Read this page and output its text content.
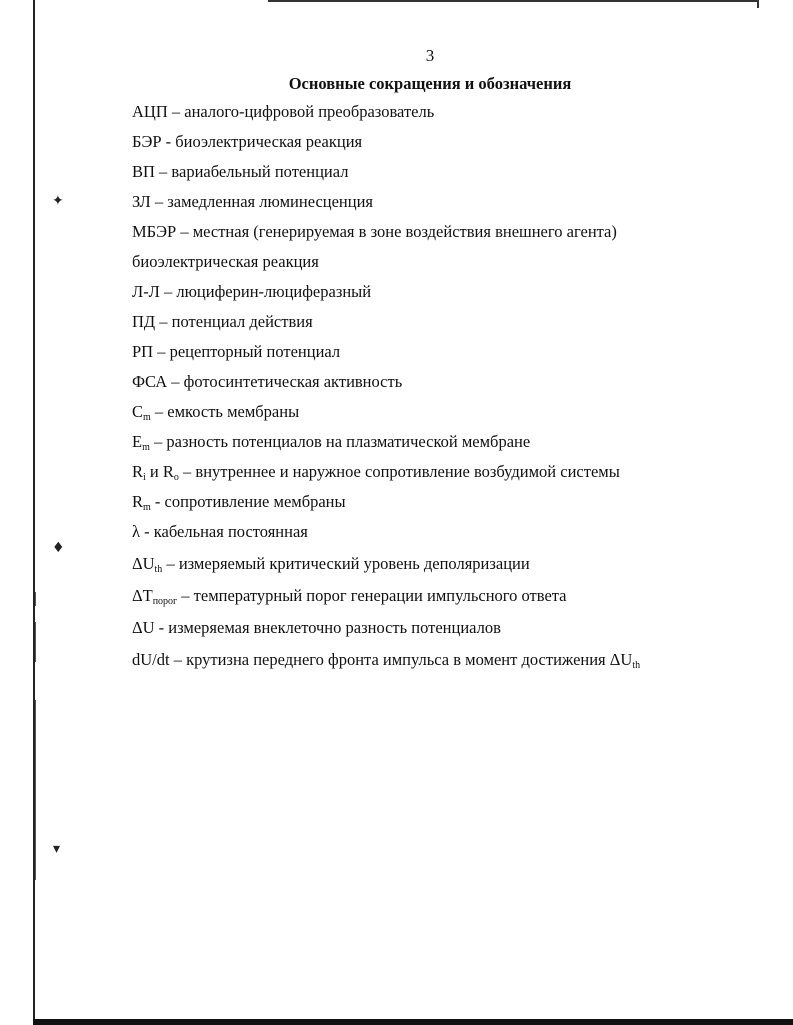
✦
♦
▾
3
Основные сокращения и обозначения
АЦП – аналого-цифровой преобразователь
БЭР - биоэлектрическая реакция
ВП – вариабельный потенциал
ЗЛ – замедленная люминесценция
МБЭР – местная (генерируемая в зоне воздействия внешнего агента) биоэлектрическая реакция
Л-Л – люциферин-люциферазный
ПД – потенциал действия
РП – рецепторный потенциал
ФСА – фотосинтетическая активность
$C_m$ – емкость мембраны
$E_m$ – разность потенциалов на плазматической мембране
$R_i$ и $R_o$ – внутреннее и наружное сопротивление возбудимой системы
$R_m$ - сопротивление мембраны
λ - кабельная постоянная
$\Delta U_{th}$ – измеряемый критический уровень деполяризации
$\Delta T_{порог}$ – температурный порог генерации импульсного ответа
ΔU - измеряемая внеклеточно разность потенциалов
dU/dt – крутизна переднего фронта импульса в момент достижения $\Delta U_{th}$
